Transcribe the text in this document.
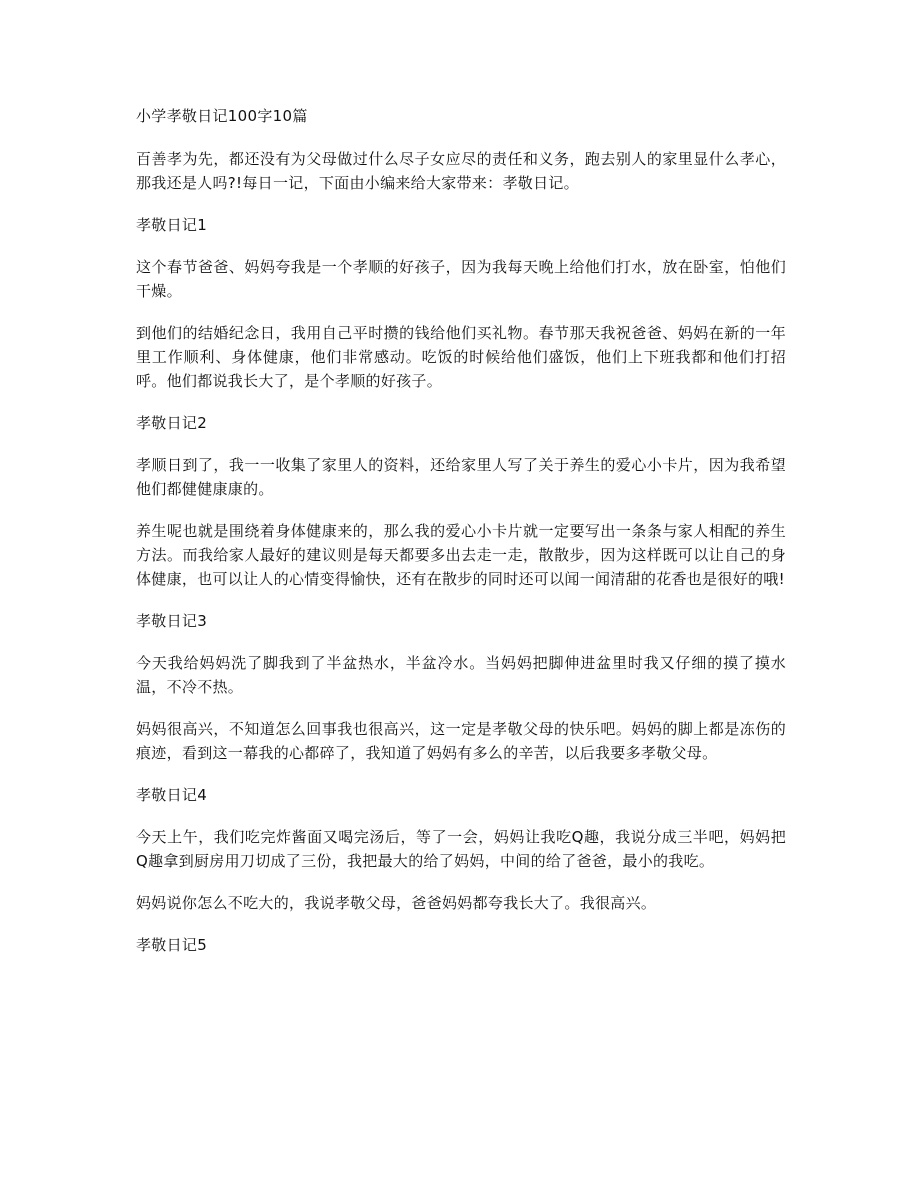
小学孝敬日记100字10篇

百善孝为先，都还没有为父母做过什么尽子女应尽的责任和义务，跑去别人的家里显什么孝心，那我还是人吗?!每日一记，下面由小编来给大家带来：孝敬日记。

孝敬日记1

这个春节爸爸、妈妈夸我是一个孝顺的好孩子，因为我每天晚上给他们打水，放在卧室，怕他们干燥。

到他们的结婚纪念日，我用自己平时攒的钱给他们买礼物。春节那天我祝爸爸、妈妈在新的一年里工作顺利、身体健康，他们非常感动。吃饭的时候给他们盛饭，他们上下班我都和他们打招呼。他们都说我长大了，是个孝顺的好孩子。

孝敬日记2

孝顺日到了，我一一收集了家里人的资料，还给家里人写了关于养生的爱心小卡片，因为我希望他们都健健康康的。

养生呢也就是围绕着身体健康来的，那么我的爱心小卡片就一定要写出一条条与家人相配的养生方法。而我给家人最好的建议则是每天都要多出去走一走，散散步，因为这样既可以让自己的身体健康，也可以让人的心情变得愉快，还有在散步的同时还可以闻一闻清甜的花香也是很好的哦!

孝敬日记3

今天我给妈妈洗了脚我到了半盆热水，半盆冷水。当妈妈把脚伸进盆里时我又仔细的摸了摸水温，不冷不热。

妈妈很高兴，不知道怎么回事我也很高兴，这一定是孝敬父母的快乐吧。妈妈的脚上都是冻伤的痕迹，看到这一幕我的心都碎了，我知道了妈妈有多么的辛苦，以后我要多孝敬父母。

孝敬日记4

今天上午，我们吃完炸酱面又喝完汤后，等了一会，妈妈让我吃Q趣，我说分成三半吧，妈妈把Q趣拿到厨房用刀切成了三份，我把最大的给了妈妈，中间的给了爸爸，最小的我吃。

妈妈说你怎么不吃大的，我说孝敬父母，爸爸妈妈都夸我长大了。我很高兴。

孝敬日记5
